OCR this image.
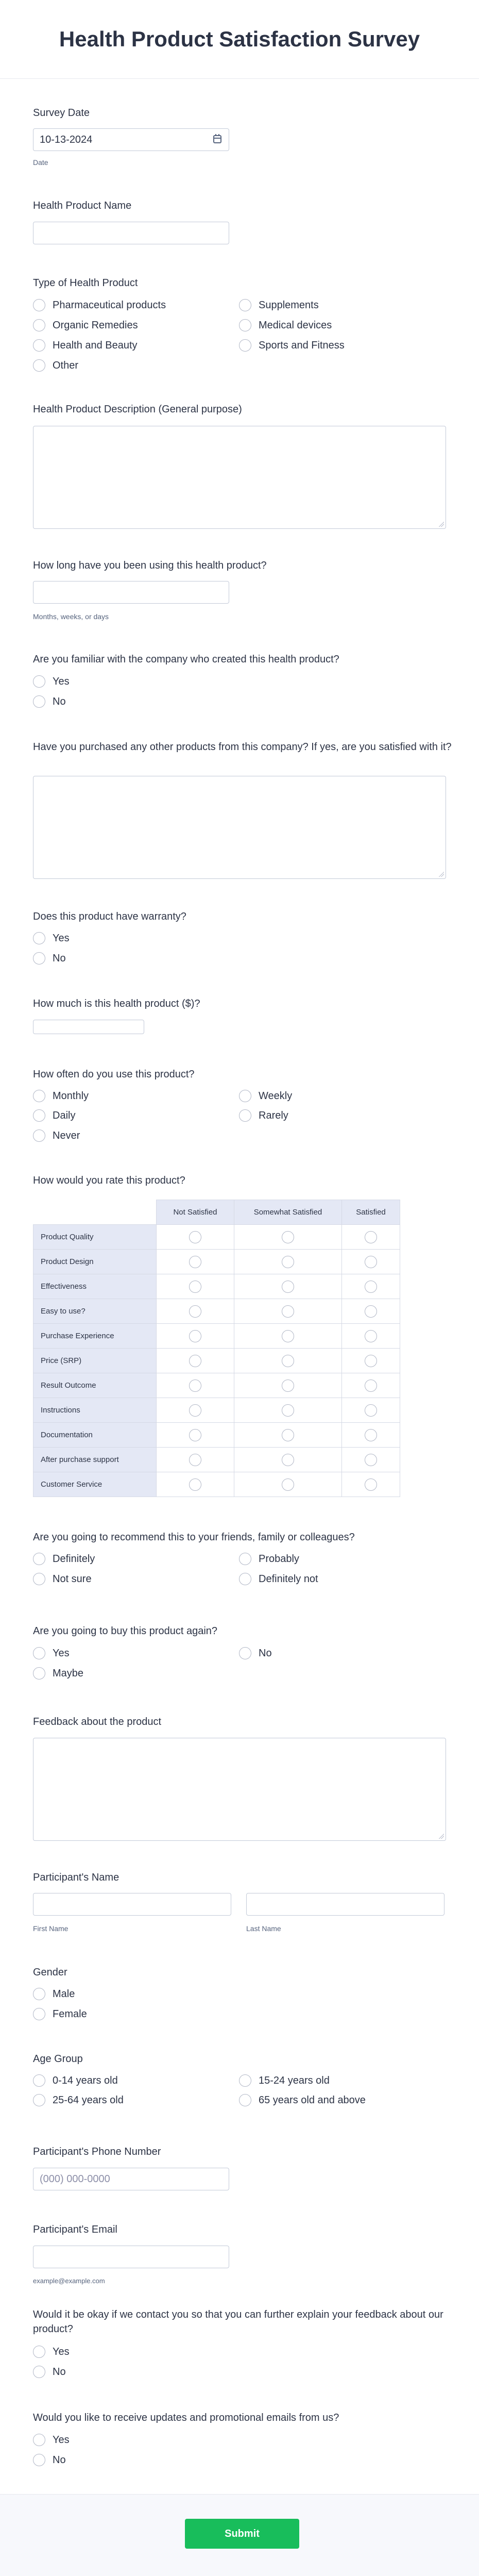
Health Product Satisfaction Survey
Survey Date
10-13-2024
Date
Health Product Name
Type of Health Product
Pharmaceutical products	Supplements
Organic Remedies	Medical devices
Health and Beauty	Sports and Fitness
Other
Health Product Description (General purpose)
How long have you been using this health product?
Months, weeks, or days
Are you familiar with the company who created this health product?
Yes
No
Have you purchased any other products from this company? If yes, are you satisfied with it?
Does this product have warranty?
Yes
No
How much is this health product ($)?
How often do you use this product?
Monthly	Weekly
Daily	Rarely
Never
How would you rate this product?
	Not Satisfied	Somewhat Satisfied	Satisfied
Product Quality			
Product Design			
Effectiveness			
Easy to use?			
Purchase Experience			
Price (SRP)			
Result Outcome			
Instructions			
Documentation			
After purchase support			
Customer Service			
Are you going to recommend this to your friends, family or colleagues?
Definitely	Probably
Not sure	Definitely not
Are you going to buy this product again?
Yes	No
Maybe
Feedback about the product
Participant's Name
First Name	Last Name
Gender
Male
Female
Age Group
0-14 years old	15-24 years old
25-64 years old	65 years old and above
Participant's Phone Number
(000) 000-0000
Participant's Email
example@example.com
Would it be okay if we contact you so that you can further explain your feedback about our product?
Yes
No
Would you like to receive updates and promotional emails from us?
Yes
No
Submit
